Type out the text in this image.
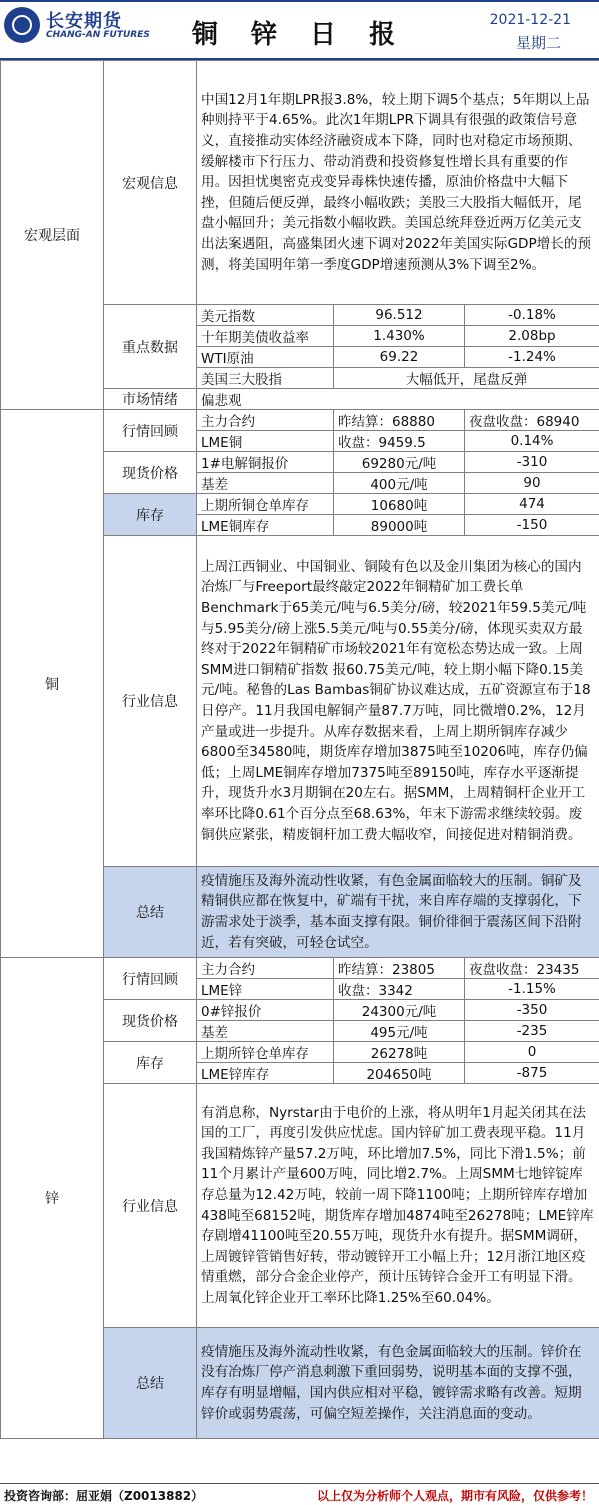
长安期货
CHANG-AN FUTURES	铜 锌 日 报	2021-12-21
星期二
宏观层面	宏观信息	中国12月1年期LPR报3.8%，较上期下调5个基点；5年期以上品种则持平于4.65%。此次1年期LPR下调具有很强的政策信号意义，直接推动实体经济融资成本下降，同时也对稳定市场预期、缓解楼市下行压力、带动消费和投资修复性增长具有重要的作用。因担忧奥密克戎变异毒株快速传播，原油价格盘中大幅下挫，但随后便反弹，最终小幅收跌；美股三大股指大幅低开，尾盘小幅回升；美元指数小幅收跌。美国总统拜登近两万亿美元支出法案遇阻，高盛集团火速下调对2022年美国实际GDP增长的预测，将美国明年第一季度GDP增速预测从3%下调至2%。		
	重点数据	美元指数	96.512	-0.18%
		十年期美债收益率	1.430%	2.08bp
		WTI原油	69.22	-1.24%
		美国三大股指	大幅低开，尾盘反弹	
	市场情绪	偏悲观		
铜	行情回顾	主力合约	昨结算：68880	夜盘收盘：68940
		LME铜	收盘：9459.5	0.14%
	现货价格	1#电解铜报价	69280元/吨	-310
		基差	400元/吨	90
	库存	上期所铜仓单库存	10680吨	474
		LME铜库存	89000吨	-150
	行业信息	上周江西铜业、中国铜业、铜陵有色以及金川集团为核心的国内冶炼厂与Freeport最终敲定2022年铜精矿加工费长单Benchmark于65美元/吨与6.5美分/磅，较2021年59.5美元/吨与5.95美分/磅上涨5.5美元/吨与0.55美分/磅，体现买卖双方最终对于2022年铜精矿市场较2021年有宽松态势达成一致。上周SMM进口铜精矿指数 报60.75美元/吨，较上期小幅下降0.15美元/吨。秘鲁的Las Bambas铜矿协议难达成，五矿资源宣布于18日停产。11月我国电解铜产量87.7万吨，同比微增0.2%，12月产量或进一步提升。从库存数据来看，上周上期所铜库存减少6800至34580吨，期货库存增加3875吨至10206吨，库存仍偏低；上周LME铜库存增加7375吨至89150吨，库存水平逐渐提升，现货升水3月期铜在20左右。据SMM，上周精铜杆企业开工率环比降0.61个百分点至68.63%，年末下游需求继续较弱。废铜供应紧张，精废铜杆加工费大幅收窄，间接促进对精铜消费。		
	总结	疫情施压及海外流动性收紧，有色金属面临较大的压制。铜矿及精铜供应都在恢复中，矿端有干扰，来自库存端的支撑弱化，下游需求处于淡季，基本面支撑有限。铜价徘徊于震荡区间下沿附近，若有突破，可轻仓试空。		

锌	行情回顾	主力合约	昨结算：23805	夜盘收盘：23435
		LME锌	收盘：3342	-1.15%
	现货价格	0#锌报价	24300元/吨	-350
		基差	495元/吨	-235
	库存	上期所锌仓单库存	26278吨	0
		LME锌库存	204650吨	-875
	行业信息	有消息称，Nyrstar由于电价的上涨，将从明年1月起关闭其在法国的工厂，再度引发供应忧虑。国内锌矿加工费表现平稳。11月我国精炼锌产量57.2万吨，环比增加7.5%，同比下滑1.5%；前11个月累计产量600万吨，同比增2.7%。上周SMM七地锌锭库存总量为12.42万吨，较前一周下降1100吨；上期所锌库存增加438吨至68152吨，期货库存增加4874吨至26278吨；LME锌库存剧增41100吨至20.55万吨，现货升水有提升。据SMM调研，上周镀锌管销售好转，带动镀锌开工小幅上升；12月浙江地区疫情重燃，部分合金企业停产，预计压铸锌合金开工有明显下滑。上周氧化锌企业开工率环比降1.25%至60.04%。		
	总结	疫情施压及海外流动性收紧，有色金属面临较大的压制。锌价在没有冶炼厂停产消息刺激下重回弱势，说明基本面的支撑不强，库存有明显增幅，国内供应相对平稳，镀锌需求略有改善。短期锌价或弱势震荡，可偏空短差操作，关注消息面的变动。		
投资咨询部：屈亚娟（Z0013882）	以上仅为分析师个人观点，期市有风险，仅供参考！
